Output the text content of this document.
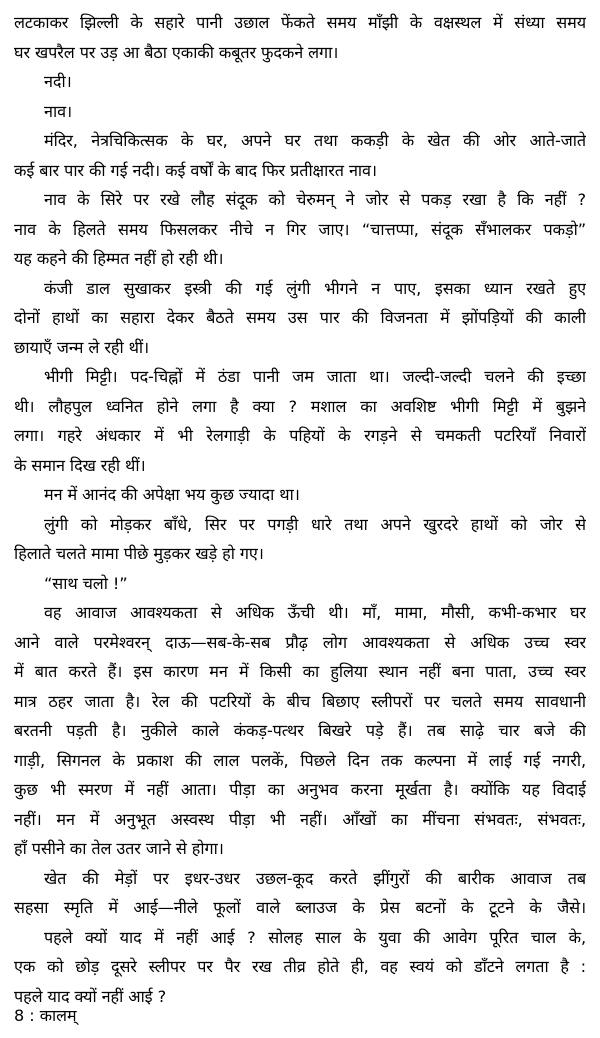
लटकाकर झिल्ली के सहारे पानी उछाल फेंकते समय माँझी के वक्षस्थल में संध्या समय
घर खपरैल पर उड़ आ बैठा एकाकी कबूतर फुदकने लगा।
नदी।
नाव।
मंदिर, नेत्रचिकित्सक के घर, अपने घर तथा ककड़ी के खेत की ओर आते-जाते
कई बार पार की गई नदी। कई वर्षों के बाद फिर प्रतीक्षारत नाव।
नाव के सिरे पर रखे लौह संदूक को चेरुमन् ने जोर से पकड़ रखा है कि नहीं ?
नाव के हिलते समय फिसलकर नीचे न गिर जाए। “चात्तप्पा, संदूक सँभालकर पकड़ो”
यह कहने की हिम्मत नहीं हो रही थी।
कंजी डाल सुखाकर इस्त्री की गई लुंगी भीगने न पाए, इसका ध्यान रखते हुए
दोनों हाथों का सहारा देकर बैठते समय उस पार की विजनता में झोंपड़ियों की काली
छायाएँ जन्म ले रही थीं।
भीगी मिट्टी। पद-चिह्नों में ठंडा पानी जम जाता था। जल्दी-जल्दी चलने की इच्छा
थी। लौहपुल ध्वनित होने लगा है क्या ? मशाल का अवशिष्ट भीगी मिट्टी में बुझने
लगा। गहरे अंधकार में भी रेलगाड़ी के पहियों के रगड़ने से चमकती पटरियाँ निवारों
के समान दिख रही थीं।
मन में आनंद की अपेक्षा भय कुछ ज्यादा था।
लुंगी को मोड़कर बाँधे, सिर पर पगड़ी धारे तथा अपने खुरदरे हाथों को जोर से
हिलाते चलते मामा पीछे मुड़कर खड़े हो गए।
“साथ चलो !”
वह आवाज आवश्यकता से अधिक ऊँची थी। माँ, मामा, मौसी, कभी-कभार घर
आने वाले परमेश्वरन् दाऊ—सब-के-सब प्रौढ़ लोग आवश्यकता से अधिक उच्च स्वर
में बात करते हैं। इस कारण मन में किसी का हुलिया स्थान नहीं बना पाता, उच्च स्वर
मात्र ठहर जाता है। रेल की पटरियों के बीच बिछाए स्लीपरों पर चलते समय सावधानी
बरतनी पड़ती है। नुकीले काले कंकड़-पत्थर बिखरे पड़े हैं। तब साढ़े चार बजे की
गाड़ी, सिगनल के प्रकाश की लाल पलकें, पिछले दिन तक कल्पना में लाई गई नगरी,
कुछ भी स्मरण में नहीं आता। पीड़ा का अनुभव करना मूर्खता है। क्योंकि यह विदाई
नहीं। मन में अनुभूत अस्वस्थ पीड़ा भी नहीं। आँखों का मींचना संभवतः, संभवतः,
हाँ पसीने का तेल उतर जाने से होगा।
खेत की मेड़ों पर इधर-उधर उछल-कूद करते झींगुरों की बारीक आवाज तब
सहसा स्मृति में आई—नीले फूलों वाले ब्लाउज के प्रेस बटनों के टूटने के जैसे।
पहले क्यों याद में नहीं आई ? सोलह साल के युवा की आवेग पूरित चाल के,
एक को छोड़ दूसरे स्लीपर पर पैर रख तीव्र होते ही, वह स्वयं को डाँटने लगता है :
पहले याद क्यों नहीं आई ?
8 : कालम्
